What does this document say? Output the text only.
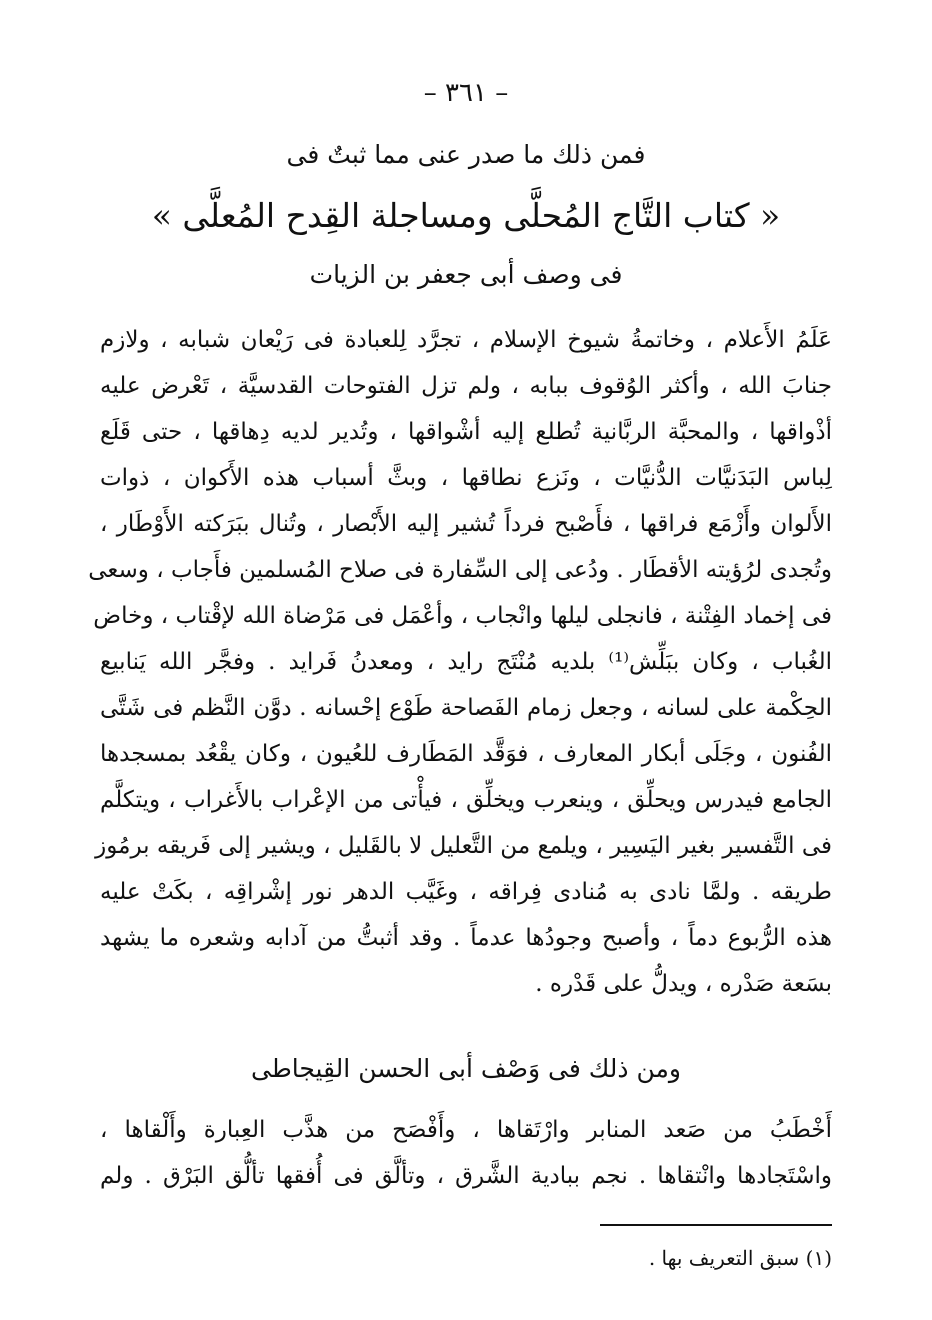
– ٣٦١ –
فمن ذلك ما صدر عنى مما ثبتٌ فى
« كتاب التَّاج المُحلَّى ومساجلة القِدح المُعلَّى »
فى وصف أبى جعفر بن الزيات
عَلَمُ الأَعلام ، وخاتمةُ شيوخ الإسلام ، تجرَّد لِلعبادة فى رَيْعان شبابه ، ولازم
جنابَ الله ، وأكثر الوُقوف ببابه ، ولم تزل الفتوحات القدسيَّة ، تَعْرض عليه
أذْواقها ، والمحبَّة الربَّانية تُطلع إليه أشْواقها ، وتُدير لديه دِهاقها ، حتى قَلَع
لِباس البَدَنيَّات الدُّنيَّات ، ونَزع نطاقها ، وبثَّ أسباب هذه الأَكوان ، ذوات
الأَلوان وأَزْمَع فراقها ، فأَصْبح فرداً تُشير إليه الأَبْصار ، وتُنال ببَرَكته الأَوْطَار ،
وتُجدى لرُؤيته الأقطَار . ودُعى إلى السِّفارة فى صلاح المُسلمين فأَجاب ، وسعى
فى إخماد الفِتْنة ، فانجلى ليلها وانْجاب ، وأعْمَل فى مَرْضاة الله لإقْتاب ، وخاض
الغُباب ، وكان ببَلِّش⁽¹⁾ بلديه مُنْتَج رايد ، ومعدنُ فَرايد . وفجَّر الله يَنابيع
الحِكْمة على لسانه ، وجعل زمام الفَصاحة طَوْع إحْسانه . دوَّن النَّظم فى شَتَّى
الفُنون ، وجَلَى أبكار المعارف ، فوَقَّد المَطَارف للعُيون ، وكان يقْعُد بمسجدها
الجامع فيدرس ويحلِّق ، وينعرب ويخلِّق ، فيأْتى من الإعْراب بالأَغراب ، ويتكلَّم
فى التَّفسير بغير اليَسِير ، ويلمع من التَّعليل لا بالقَليل ، ويشير إلى فَريقه برمُوز
طريقه . ولمَّا نادى به مُنادى فِراقه ، وغَيَّب الدهر نور إشْراقِه ، بكَتْ عليه
هذه الرُّبوع دماً ، وأصبح وجودُها عدماً . وقد أثبتُّ من آدابه وشعره ما يشهد
بسَعة صَدْره ، ويدلُّ على قَدْره .
ومن ذلك فى وَصْف أبى الحسن القِيجاطى
أَخْطَبُ من صَعد المنابر وارْتَقاها ، وأَفْصَح من هذَّب العِبارة وأَلْقاها ،
واسْتَجادها وانْتقاها . نجم ببادية الشَّرق ، وتألَّق فى أُفقها تألُّق البَرْق . ولم
(١) سبق التعريف بها .
